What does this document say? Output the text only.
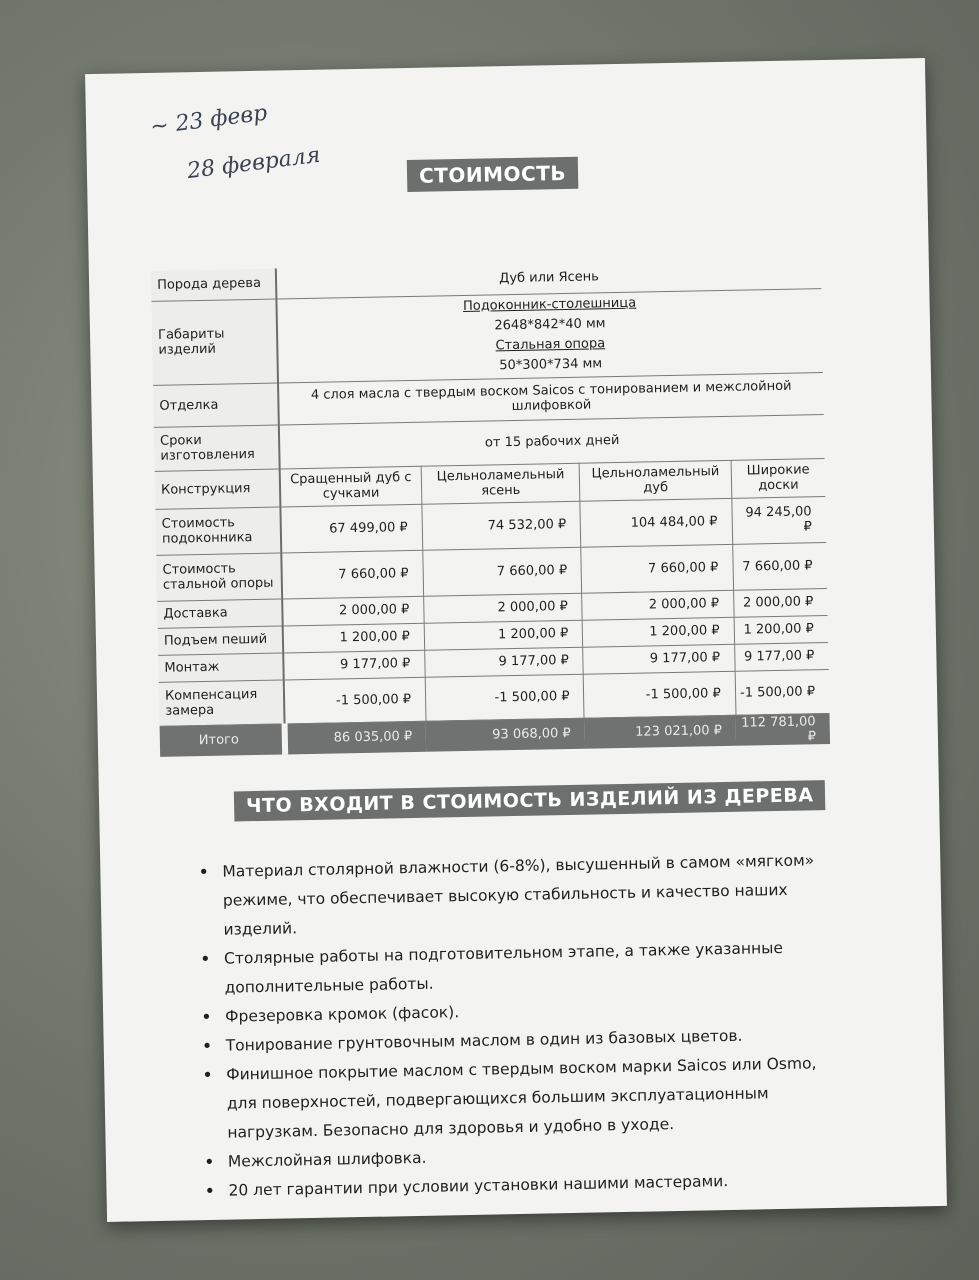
~ 23 февр
28 февраля	СТОИМОСТЬ
Порода дерева	Дуб или Ясень			
Габариты изделий	Подоконник-столешница
2648*842*40 мм
Стальная опора
50*300*734 мм			

Отделка	4 слоя масла с твердым воском Saicos с тонированием и межслойной шлифовкой			
Сроки изготовления	от 15 рабочих дней			
Конструкция	Сращенный дуб с сучками	Цельноламельный ясень	Цельноламельный дуб	Широкие доски
Стоимость подоконника	67 499,00 ₽	74 532,00 ₽	104 484,00 ₽	94 245,00 ₽
Стоимость стальной опоры	7 660,00 ₽	7 660,00 ₽	7 660,00 ₽	7 660,00 ₽
Доставка	2 000,00 ₽	2 000,00 ₽	2 000,00 ₽	2 000,00 ₽
Подъем пеший	1 200,00 ₽	1 200,00 ₽	1 200,00 ₽	1 200,00 ₽
Монтаж	9 177,00 ₽	9 177,00 ₽	9 177,00 ₽	9 177,00 ₽
Компенсация замера	-1 500,00 ₽	-1 500,00 ₽	-1 500,00 ₽	-1 500,00 ₽
Итого	86 035,00 ₽	93 068,00 ₽	123 021,00 ₽	112 781,00 ₽
ЧТО ВХОДИТ В СТОИМОСТЬ ИЗДЕЛИЙ ИЗ ДЕРЕВА
• Материал столярной влажности (6-8%), высушенный в самом «мягком» режиме, что обеспечивает высокую стабильность и качество наших изделий.
• Столярные работы на подготовительном этапе, а также указанные дополнительные работы.
• Фрезеровка кромок (фасок).
• Тонирование грунтовочным маслом в один из базовых цветов.
• Финишное покрытие маслом с твердым воском марки Saicos или Osmo, для поверхностей, подвергающихся большим эксплуатационным нагрузкам. Безопасно для здоровья и удобно в уходе.
• Межслойная шлифовка.
• 20 лет гарантии при условии установки нашими мастерами.
